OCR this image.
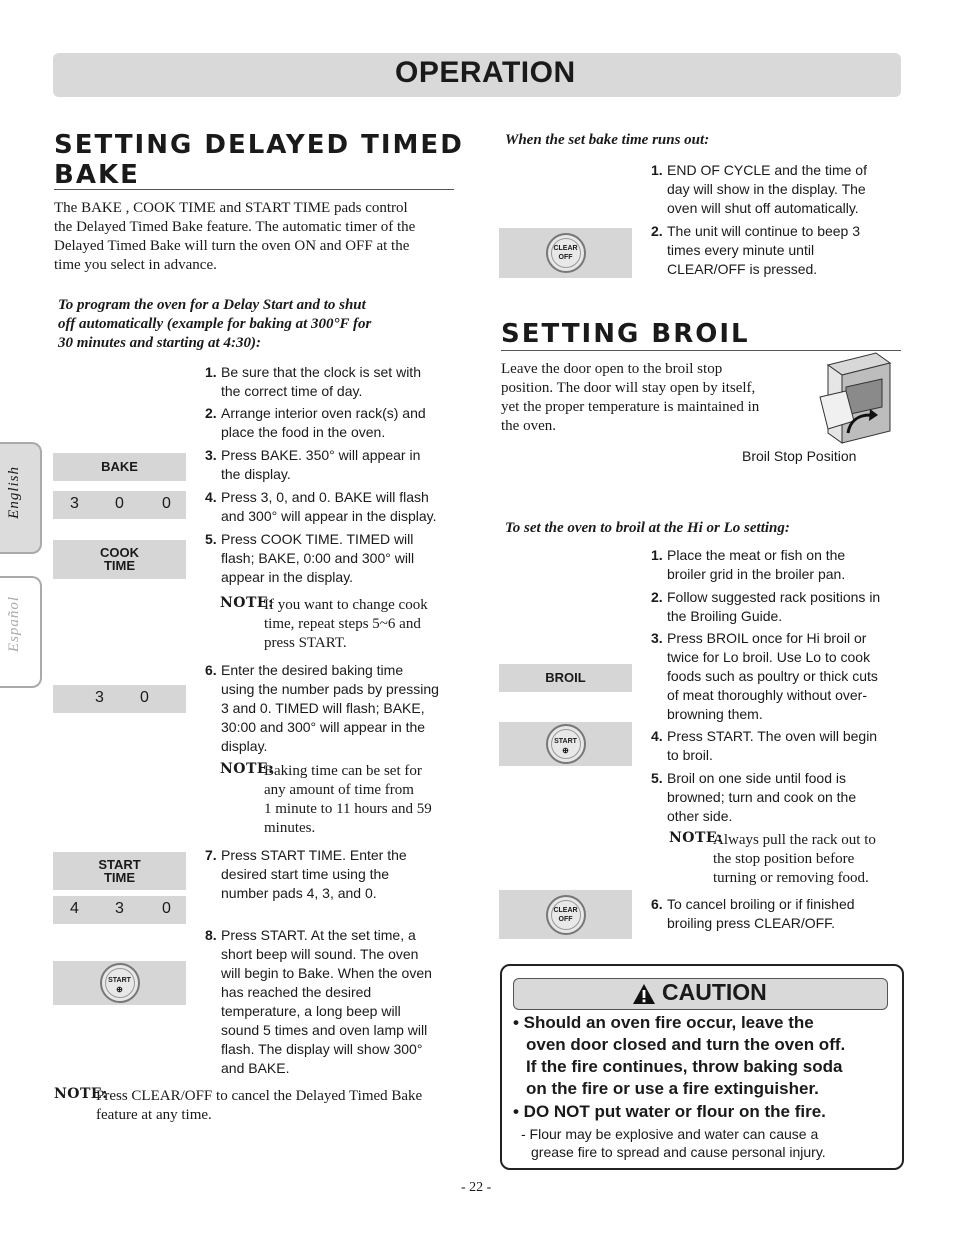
OPERATION
English
Español
SETTING DELAYED TIMED
BAKE
The BAKE , COOK TIME and START TIME pads control
the Delayed Timed Bake feature. The automatic timer of the
Delayed Timed Bake will turn the oven ON and OFF at the
time you select in advance.
To program the oven for a Delay Start and to shut
off automatically (example for baking at 300°F for
30 minutes and starting at 4:30):
1. Be sure that the clock is set with
the correct time of day.
2. Arrange interior oven rack(s) and
place the food in the oven.
3. Press BAKE. 350° will appear in
the display.
4. Press 3, 0, and 0. BAKE will flash
and 300° will appear in the display.
5. Press COOK TIME. TIMED will
flash; BAKE, 0:00 and 300° will
appear in the display.
NOTE:
If you want to change cook
time, repeat steps 5~6 and
press START.
6. Enter the desired baking time
using the number pads by pressing
3 and 0. TIMED will flash; BAKE,
30:00 and 300° will appear in the
display.
NOTE:
Baking time can be set for
any amount of time from
1 minute to 11 hours and 59
minutes.
7. Press START TIME. Enter the
desired start time using the
number pads 4, 3, and 0.
8. Press START. At the set time, a
short beep will sound. The oven
will begin to Bake. When the oven
has reached the desired
temperature, a long beep will
sound 5 times and oven lamp will
flash. The display will show 300°
and BAKE.
NOTE:
Press CLEAR/OFF to cancel the Delayed Timed Bake
feature at any time.
BAKE
3 0 0
COOK
TIME
3 0
START
TIME
4 3 0
START
⊕
When the set bake time runs out:
1. END OF CYCLE and the time of
day will show in the display. The
oven will shut off automatically.
2. The unit will continue to beep 3
times every minute until
CLEAR/OFF is pressed.
CLEAR
OFF
SETTING BROIL
Leave the door open to the broil stop
position. The door will stay open by itself,
yet the proper temperature is maintained in
the oven.
Broil Stop Position
To set the oven to broil at the Hi or Lo setting:
1. Place the meat or fish on the
broiler grid in the broiler pan.
2. Follow suggested rack positions in
the Broiling Guide.
3. Press BROIL once for Hi broil or
twice for Lo broil. Use Lo to cook
foods such as poultry or thick cuts
of meat thoroughly without over-
browning them.
4. Press START. The oven will begin
to broil.
5. Broil on one side until food is
browned; turn and cook on the
other side.
NOTE:
Always pull the rack out to
the stop position before
turning or removing food.
6. To cancel broiling or if finished
broiling press CLEAR/OFF.
BROIL
START
⊕
CLEAR
OFF
CAUTION
• Should an oven fire occur, leave the
oven door closed and turn the oven off.
If the fire continues, throw baking soda
on the fire or use a fire extinguisher.
• DO NOT put water or flour on the fire.
- Flour may be explosive and water can cause a
grease fire to spread and cause personal injury.
- 22 -
